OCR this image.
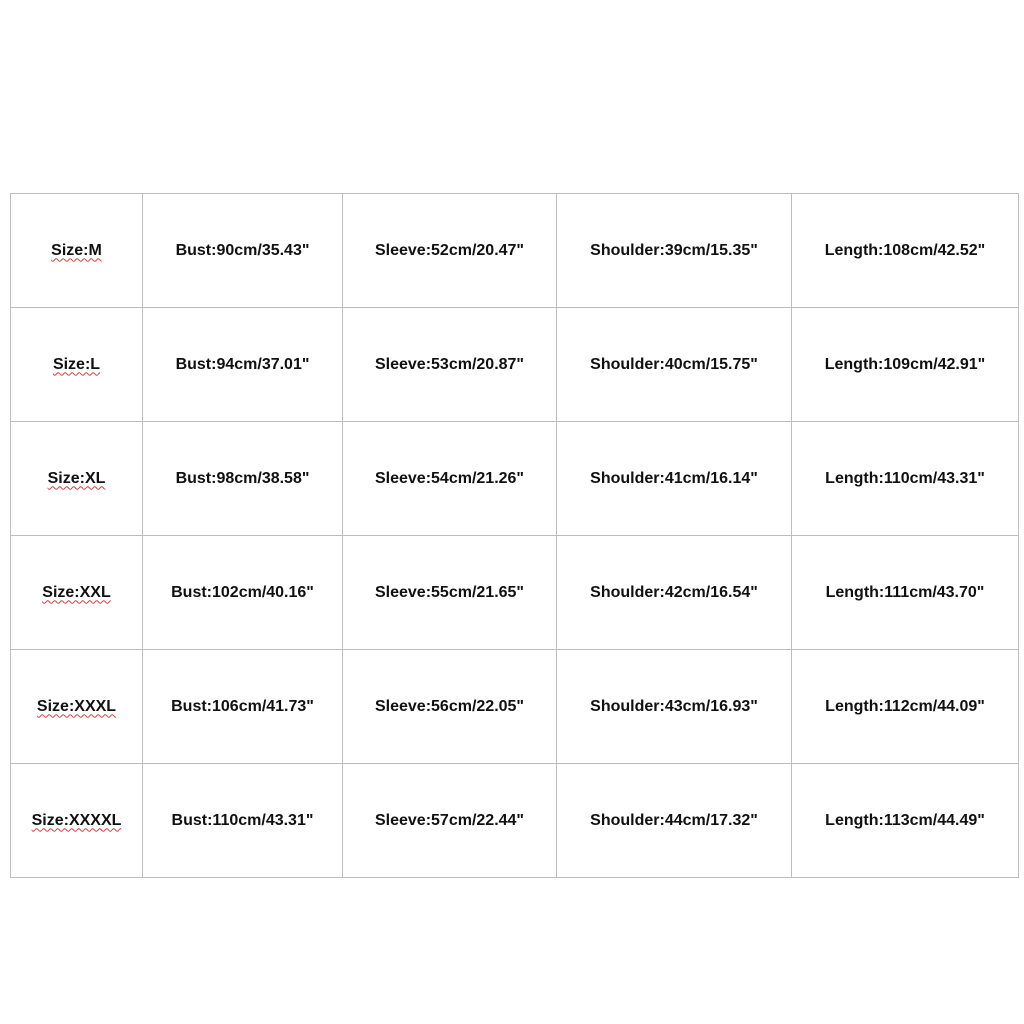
Size:M	Bust:90cm/35.43"	Sleeve:52cm/20.47"	Shoulder:39cm/15.35"	Length:108cm/42.52"
Size:L	Bust:94cm/37.01"	Sleeve:53cm/20.87"	Shoulder:40cm/15.75"	Length:109cm/42.91"
Size:XL	Bust:98cm/38.58"	Sleeve:54cm/21.26"	Shoulder:41cm/16.14"	Length:110cm/43.31"
Size:XXL	Bust:102cm/40.16"	Sleeve:55cm/21.65"	Shoulder:42cm/16.54"	Length:111cm/43.70"
Size:XXXL	Bust:106cm/41.73"	Sleeve:56cm/22.05"	Shoulder:43cm/16.93"	Length:112cm/44.09"
Size:XXXXL	Bust:110cm/43.31"	Sleeve:57cm/22.44"	Shoulder:44cm/17.32"	Length:113cm/44.49"
